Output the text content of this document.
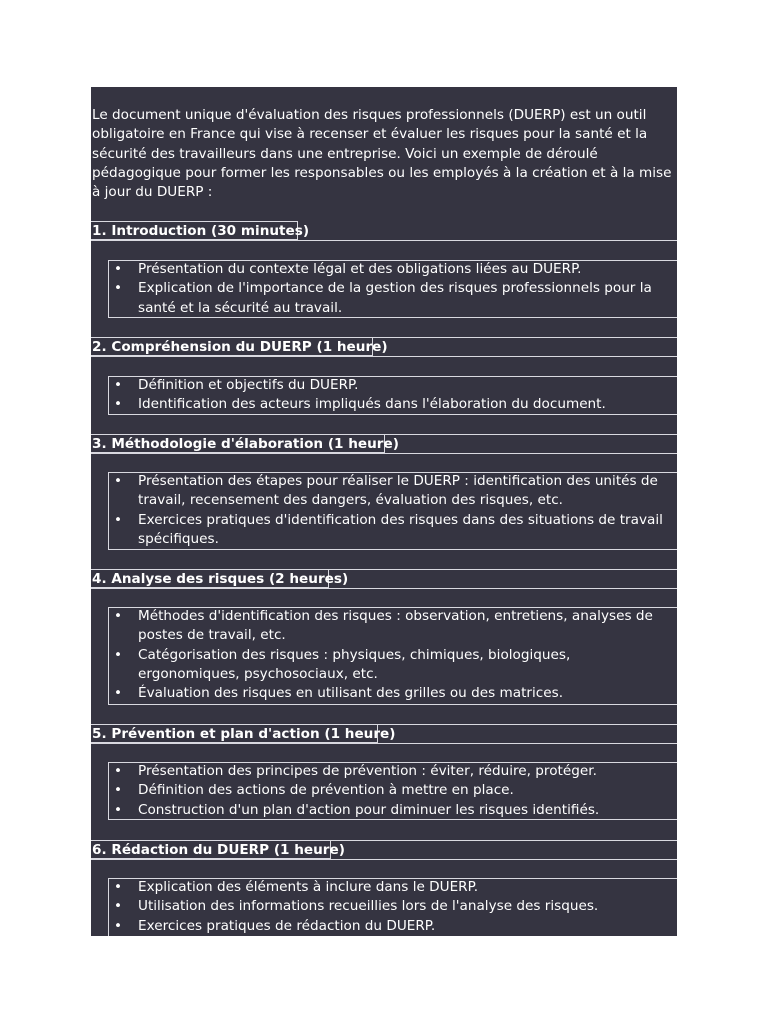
Le document unique d'évaluation des risques professionnels (DUERP) est un outil obligatoire en France qui vise à recenser et évaluer les risques pour la santé et la sécurité des travailleurs dans une entreprise. Voici un exemple de déroulé pédagogique pour former les responsables ou les employés à la création et à la mise à jour du DUERP :

1. Introduction (30 minutes)
• Présentation du contexte légal et des obligations liées au DUERP.
• Explication de l'importance de la gestion des risques professionnels pour la santé et la sécurité au travail.
2. Compréhension du DUERP (1 heure)
• Définition et objectifs du DUERP.
• Identification des acteurs impliqués dans l'élaboration du document.
3. Méthodologie d'élaboration (1 heure)
• Présentation des étapes pour réaliser le DUERP : identification des unités de travail, recensement des dangers, évaluation des risques, etc.
• Exercices pratiques d'identification des risques dans des situations de travail spécifiques.
4. Analyse des risques (2 heures)
• Méthodes d'identification des risques : observation, entretiens, analyses de postes de travail, etc.
• Catégorisation des risques : physiques, chimiques, biologiques, ergonomiques, psychosociaux, etc.
• Évaluation des risques en utilisant des grilles ou des matrices.
5. Prévention et plan d'action (1 heure)
• Présentation des principes de prévention : éviter, réduire, protéger.
• Définition des actions de prévention à mettre en place.
• Construction d'un plan d'action pour diminuer les risques identifiés.
6. Rédaction du DUERP (1 heure)
• Explication des éléments à inclure dans le DUERP.
• Utilisation des informations recueillies lors de l'analyse des risques.
• Exercices pratiques de rédaction du DUERP.
